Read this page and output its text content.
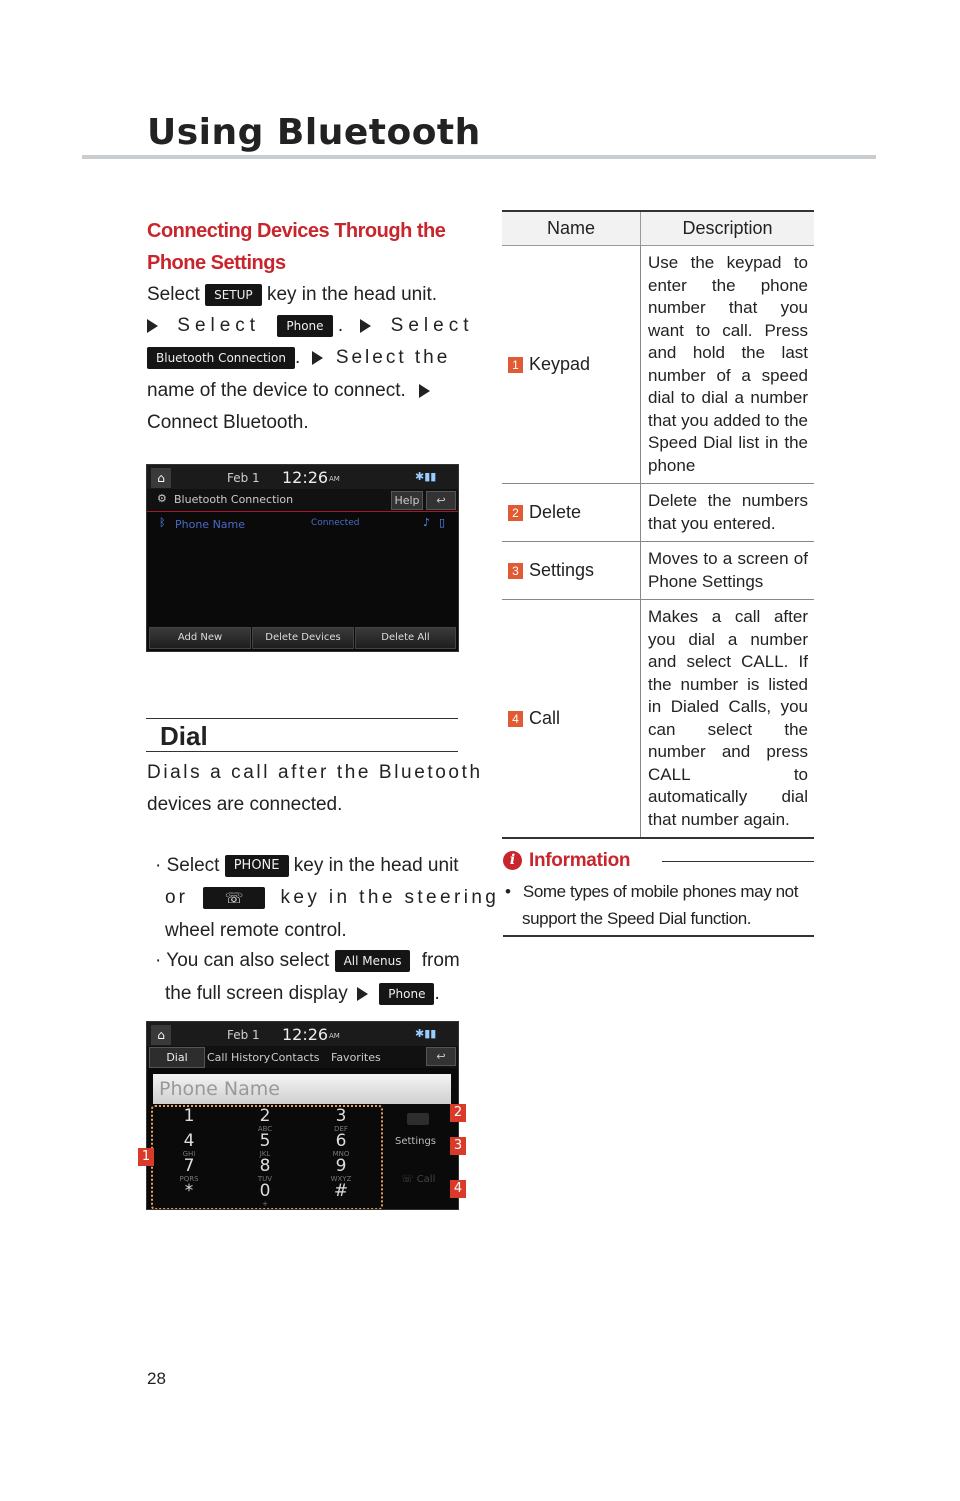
Using Bluetooth
Connecting Devices Through the
Phone Settings
Select SETUP key in the head unit.
Select Phone .	Select
Bluetooth Connection .  Select the
name of the device to connect.
Connect Bluetooth.
⌂	Feb 1 12:26 AM	✱▮▮
⚙ Bluetooth Connection	Help	↩
ᛒ Phone Name	Connected	♪ ▯
Add New	Delete Devices	Delete All
Dial
Dials a call after the Bluetooth
devices are connected.
· Select PHONE key in the head unit
or ☏ key in the steering
wheel remote control.
· You can also select All Menus from
the full screen display	Phone .
⌂	Feb 1 12:26 AM	✱▮▮
Dial	Call History Contacts Favorites	↩
Phone Name
Settings
☏ Call
1	2
ABC
3
DEF
4
GHI
5
JKL
6
MNO
7
PQRS
8
TUV
9
WXYZ
*	0
+
#
1
2
3
4
Name	Description
1 Keypad	Use the keypad to enter the phone number that you want to call. Press and hold the last number of a speed dial to dial a number that you added to the Speed Dial list in the phone
2 Delete	Delete the numbers that you entered.
3 Settings	Moves to a screen of Phone Settings
4 Call	Makes a call after you dial a number and select CALL. If the number is listed in Dialed Calls, you can select the number and press CALL to automatically dial that number again.
i Information
• Some types of mobile phones may not
support the Speed Dial function.
28
